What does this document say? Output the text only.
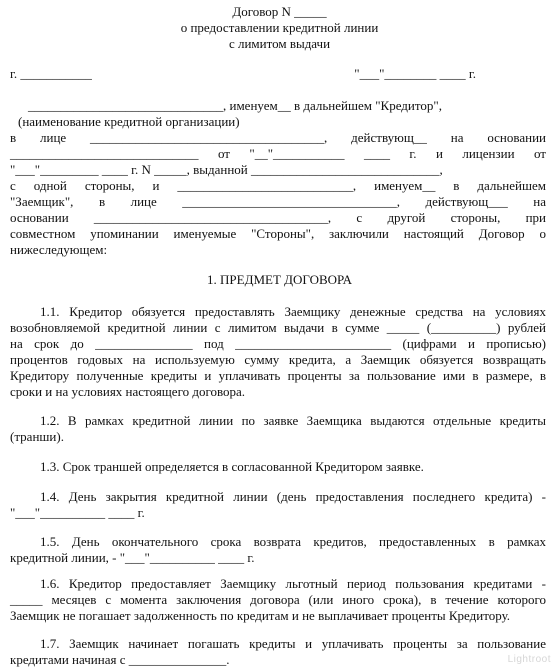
Договор N _____
о предоставлении кредитной линии
с лимитом выдачи
г. ___________	"___"________ ____ г.
______________________________, именуем__ в дальнейшем "Кредитор",
(наименование кредитной организации)
в лице ____________________________________, действующ__ на основании
_____________________________ от "__"___________ ____ г. и лицензии от
"___"_________ ____ г. N _____, выданной _____________________________,
с одной стороны, и ___________________________, именуем__ в дальнейшем
"Заемщик", в лице _________________________________, действующ___ на
основании ____________________________________, с другой стороны, при
совместном упоминании именуемые "Стороны", заключили настоящий Договор о
нижеследующем:
1. ПРЕДМЕТ ДОГОВОРА
1.1. Кредитор обязуется предоставлять Заемщику денежные средства на условиях
возобновляемой кредитной линии с лимитом выдачи в сумме _____ (__________) рублей
на срок до _______________ под ________________________ (цифрами и прописью)
процентов годовых на используемую сумму кредита, а Заемщик обязуется возвращать
Кредитору полученные кредиты и уплачивать проценты за пользование ими в размере, в
сроки и на условиях настоящего договора.
1.2. В рамках кредитной линии по заявке Заемщика выдаются отдельные кредиты
(транши).
1.3. Срок траншей определяется в согласованной Кредитором заявке.
1.4. День закрытия кредитной линии (день предоставления последнего кредита) -
"___"__________ ____ г.
1.5. День окончательного срока возврата кредитов, предоставленных в рамках
кредитной линии, - "___"__________ ____ г.
1.6. Кредитор предоставляет Заемщику льготный период пользования кредитами -
_____ месяцев с момента заключения договора (или иного срока), в течение которого
Заемщик не погашает задолженность по кредитам и не выплачивает проценты Кредитору.
1.7. Заемщик начинает погашать кредиты и уплачивать проценты за пользование
кредитами начиная с _______________.	Lightroot
